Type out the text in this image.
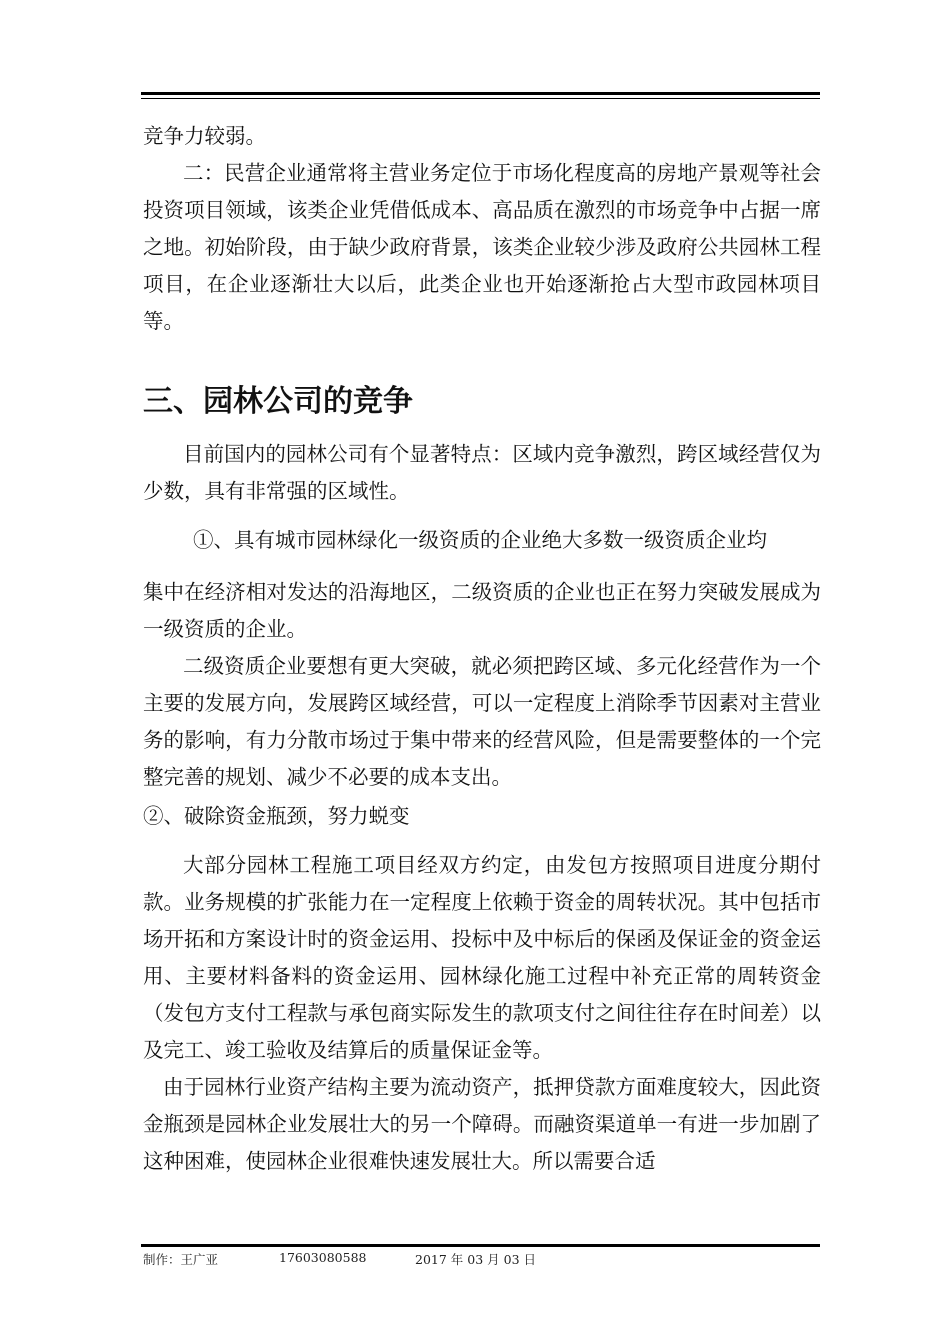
竞争力较弱。

二：民营企业通常将主营业务定位于市场化程度高的房地产景观等社会投资项目领域，该类企业凭借低成本、高品质在激烈的市场竞争中占据一席之地。初始阶段，由于缺少政府背景，该类企业较少涉及政府公共园林工程项目，在企业逐渐壮大以后，此类企业也开始逐渐抢占大型市政园林项目等。

三、园林公司的竞争

目前国内的园林公司有个显著特点：区域内竞争激烈，跨区域经营仅为少数，具有非常强的区域性。

①、具有城市园林绿化一级资质的企业绝大多数一级资质企业均

集中在经济相对发达的沿海地区，二级资质的企业也正在努力突破发展成为一级资质的企业。

二级资质企业要想有更大突破，就必须把跨区域、多元化经营作为一个主要的发展方向，发展跨区域经营，可以一定程度上消除季节因素对主营业务的影响，有力分散市场过于集中带来的经营风险，但是需要整体的一个完整完善的规划、减少不必要的成本支出。

②、破除资金瓶颈，努力蜕变

大部分园林工程施工项目经双方约定，由发包方按照项目进度分期付款。业务规模的扩张能力在一定程度上依赖于资金的周转状况。其中包括市场开拓和方案设计时的资金运用、投标中及中标后的保函及保证金的资金运用、主要材料备料的资金运用、园林绿化施工过程中补充正常的周转资金（发包方支付工程款与承包商实际发生的款项支付之间往往存在时间差）以及完工、竣工验收及结算后的质量保证金等。

由于园林行业资产结构主要为流动资产，抵押贷款方面难度较大，因此资金瓶颈是园林企业发展壮大的另一个障碍。而融资渠道单一有进一步加剧了这种困难，使园林企业很难快速发展壮大。所以需要合适

制作：王广亚	17603080588	2017 年 03 月 03 日
